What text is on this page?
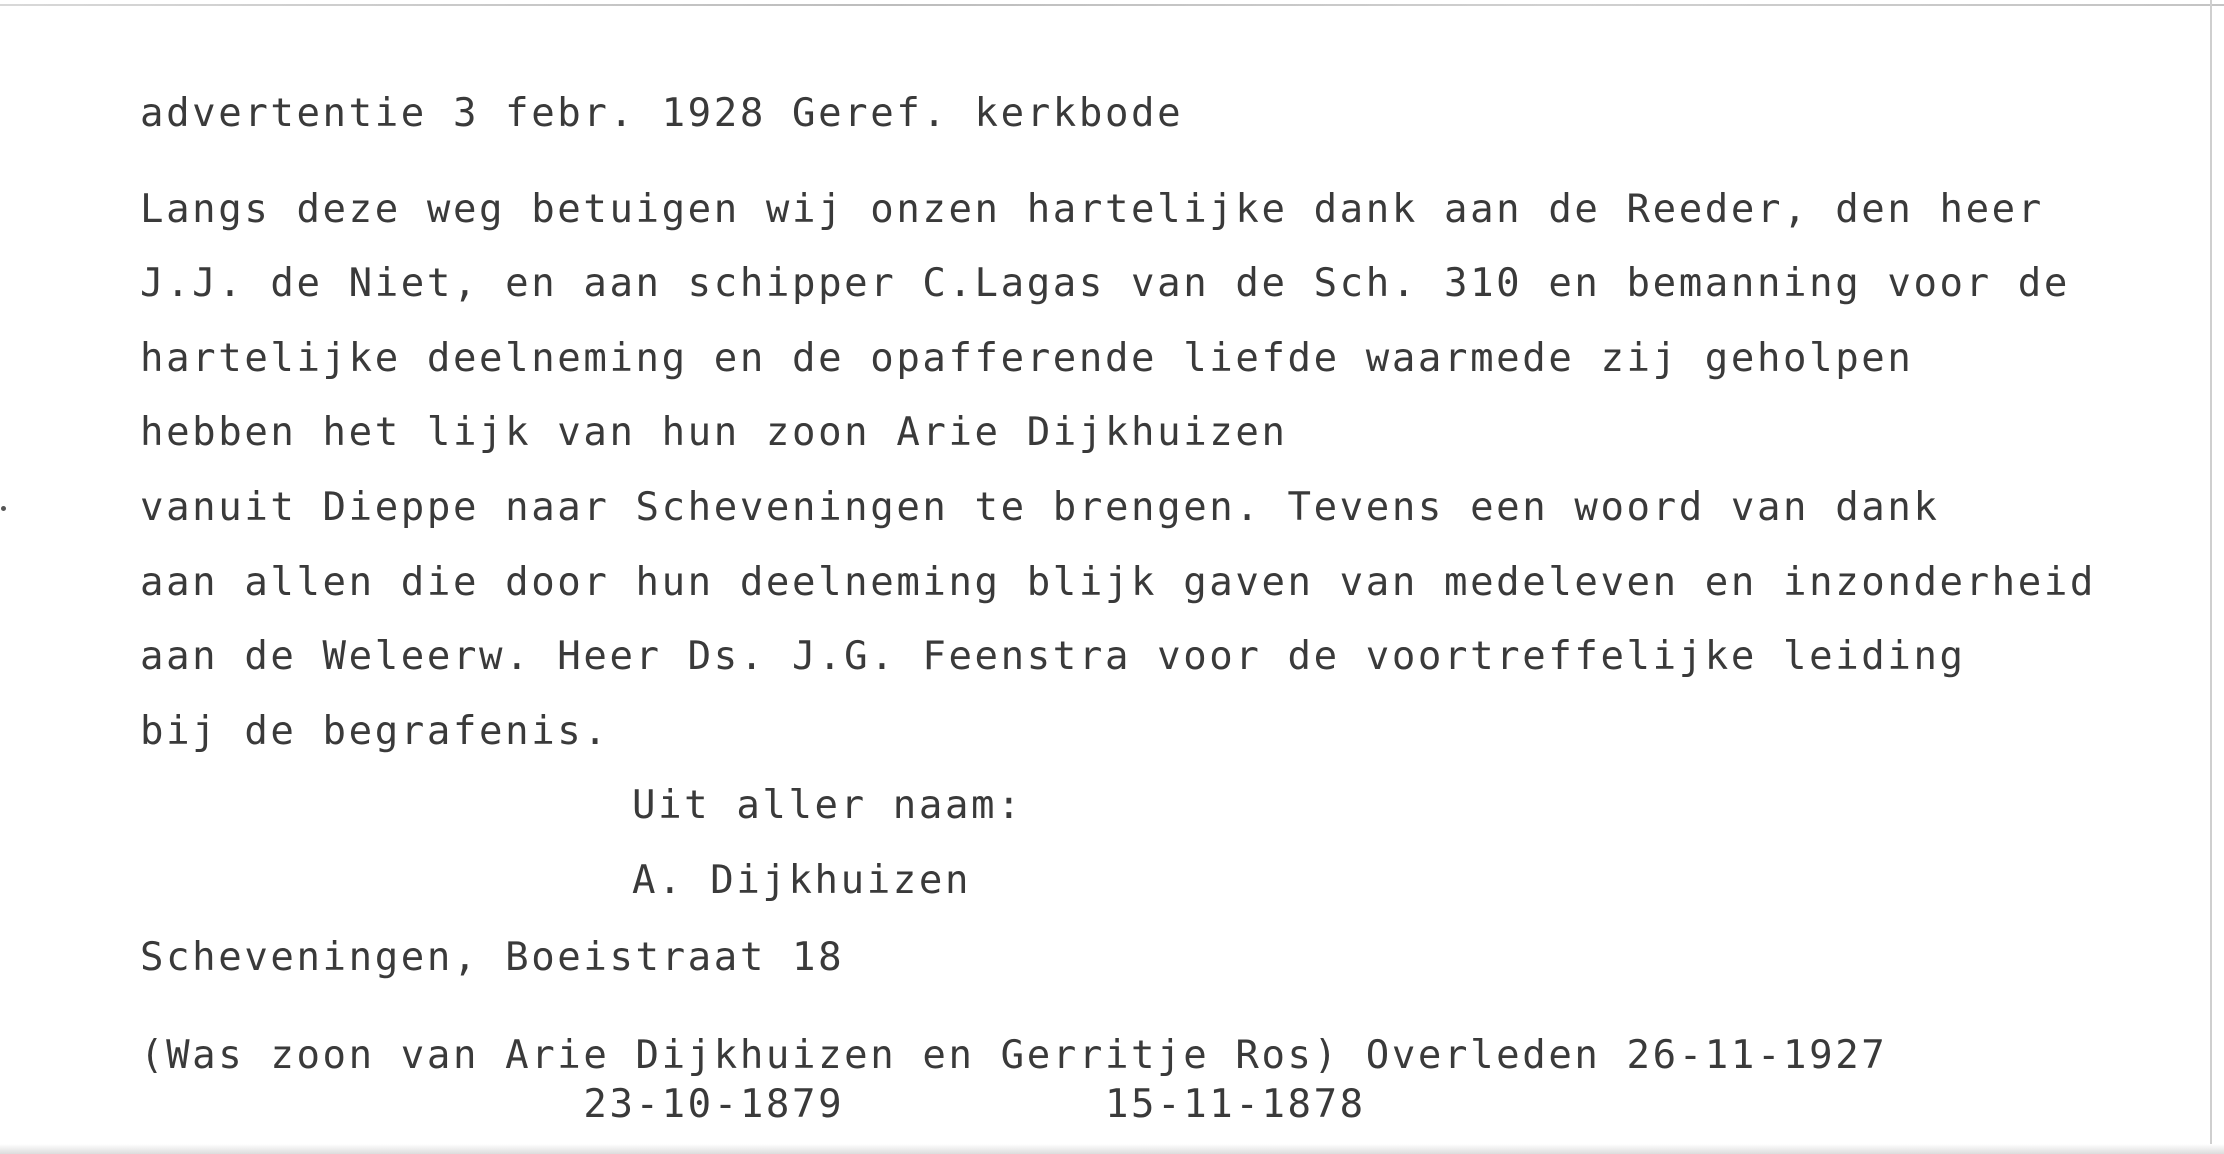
advertentie 3 febr. 1928 Geref. kerkbode
Langs deze weg betuigen wij onzen hartelijke dank aan de Reeder, den heer
J.J. de Niet, en aan schipper C.Lagas van de Sch. 310 en bemanning voor de
hartelijke deelneming en de opafferende liefde waarmede zij geholpen
hebben het lijk van hun zoon Arie Dijkhuizen
vanuit Dieppe naar Scheveningen te brengen. Tevens een woord van dank
aan allen die door hun deelneming blijk gaven van medeleven en inzonderheid
aan de Weleerw. Heer Ds. J.G. Feenstra voor de voortreffelijke leiding
bij de begrafenis.
Uit aller naam:
A. Dijkhuizen
Scheveningen, Boeistraat 18
(Was zoon van Arie Dijkhuizen en Gerritje Ros) Overleden 26-11-1927
23-10-1879          15-11-1878
